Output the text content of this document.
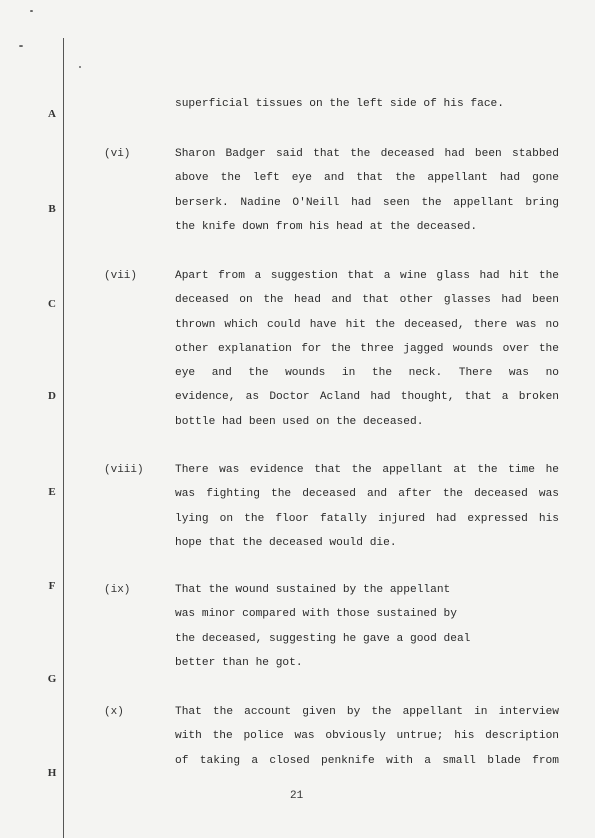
A
B
C
D
E
F
G
H
superficial tissues on the left side of his face.
(vi)	Sharon Badger said that the deceased had been stabbed
above the left eye and that the appellant had gone
berserk. Nadine O'Neill had seen the appellant bring
the knife down from his head at the deceased.
(vii)	Apart from a suggestion that a wine glass had hit the
deceased on the head and that other glasses had been
thrown which could have hit the deceased, there was no
other explanation for the three jagged wounds over the
eye and the wounds in the neck. There was no
evidence, as Doctor Acland had thought, that a broken
bottle had been used on the deceased.
(viii)	There was evidence that the appellant at the time he
was fighting the deceased and after the deceased was
lying on the floor fatally injured had expressed his
hope that the deceased would die.
(ix)	That the wound sustained by the appellant
was minor compared with those sustained by
the deceased, suggesting he gave a good deal
better than he got.
(x)	That the account given by the appellant in interview
with the police was obviously untrue; his description
of taking a closed penknife with a small blade from
21
